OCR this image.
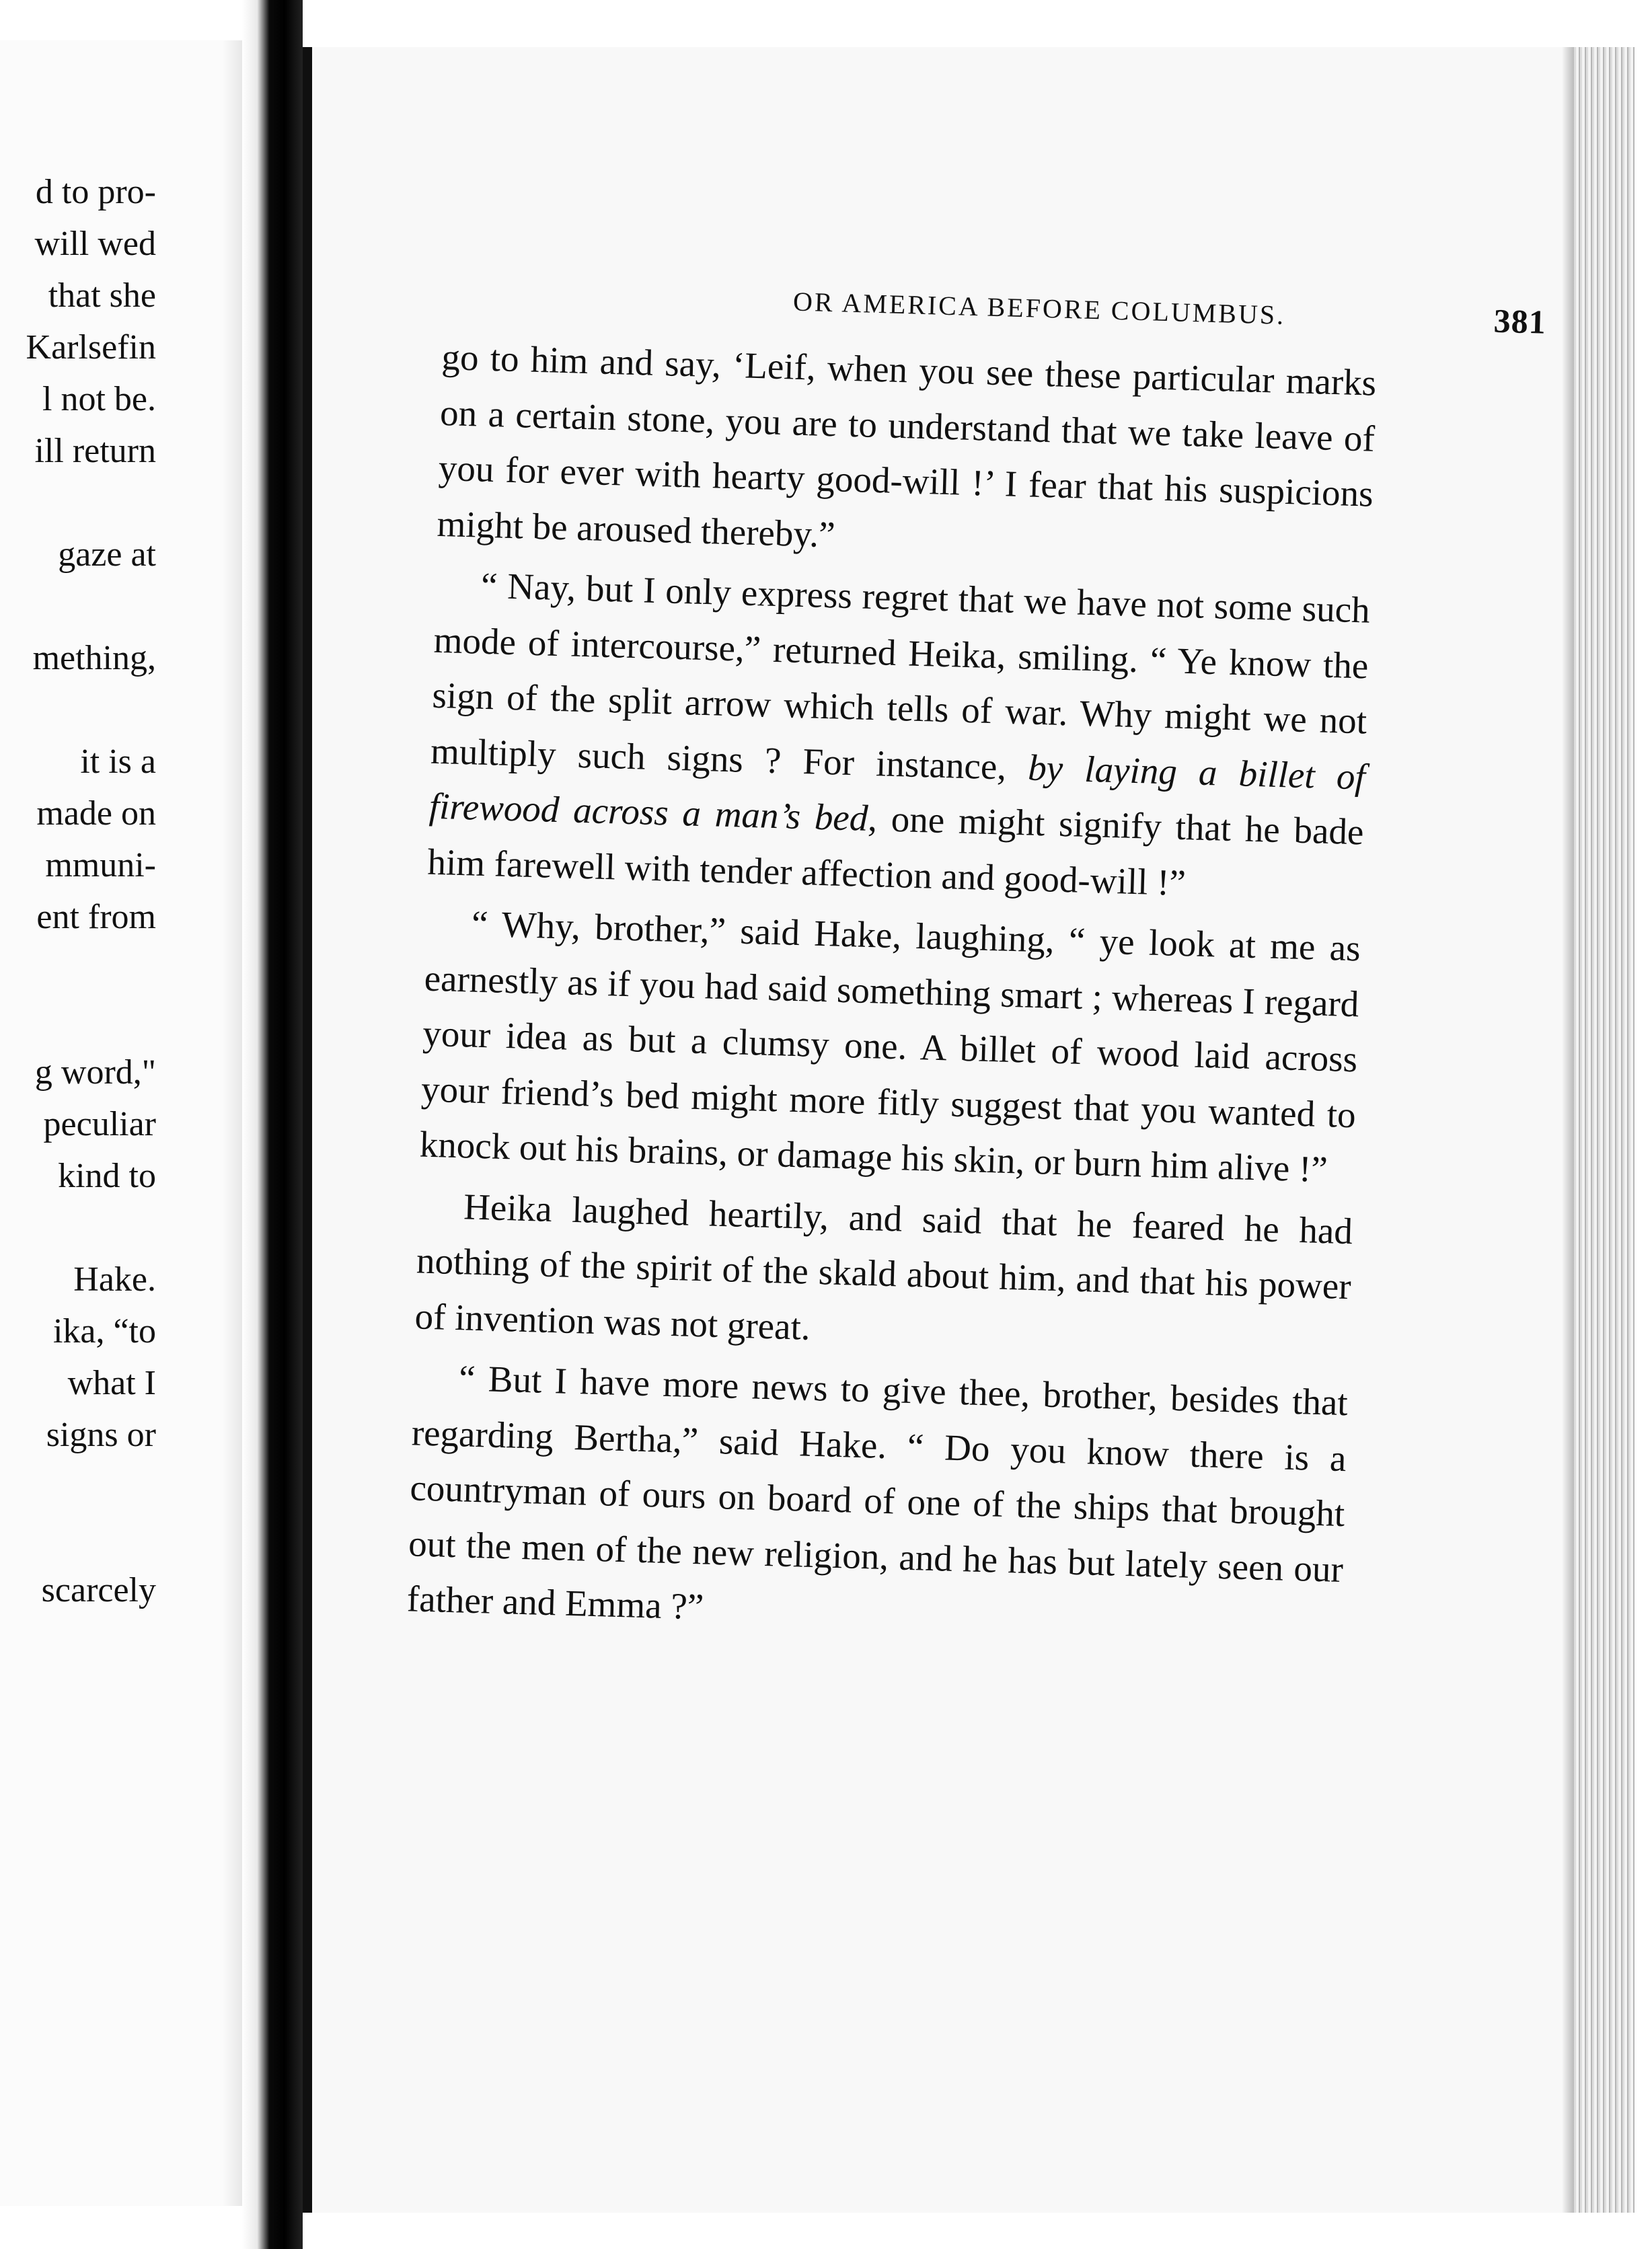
d to pro-
will wed
that she
Karlsefin
l not be.
ill return
gaze at
mething,
it is a
made on
mmuni-
ent from
g word,"
peculiar
kind to
Hake.
ika, “to
what I
signs or
scarcely
OR AMERICA BEFORE COLUMBUS.	381

go to him and say, ‘Leif, when you see these particular marks on a certain stone, you are to understand that we take leave of you for ever with hearty good-will !’ I fear that his suspicions might be aroused thereby.”

“ Nay, but I only express regret that we have not some such mode of intercourse,” returned Heika, smiling. “ Ye know the sign of the split arrow which tells of war. Why might we not multiply such signs ? For instance, by laying a billet of firewood across a man’s bed, one might signify that he bade him farewell with tender affection and good-will !”

“ Why, brother,” said Hake, laughing, “ ye look at me as earnestly as if you had said something smart ; whereas I regard your idea as but a clumsy one. A billet of wood laid across your friend’s bed might more fitly suggest that you wanted to knock out his brains, or damage his skin, or burn him alive !”

Heika laughed heartily, and said that he feared he had nothing of the spirit of the skald about him, and that his power of invention was not great.

“ But I have more news to give thee, brother, besides that regarding Bertha,” said Hake. “ Do you know there is a countryman of ours on board of one of the ships that brought out the men of the new religion, and he has but lately seen our father and Emma ?”
